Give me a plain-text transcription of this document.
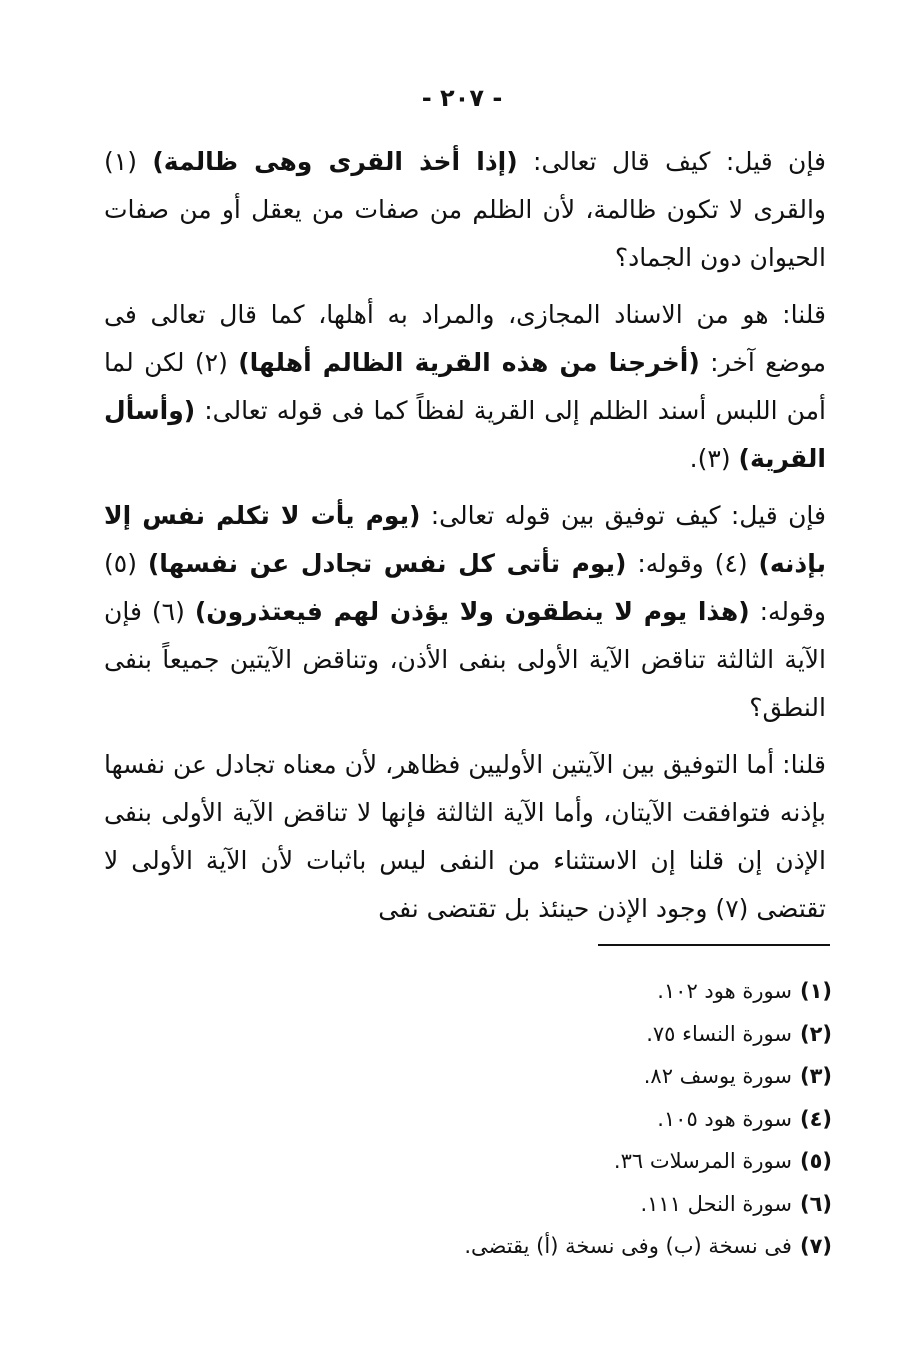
- ٢٠٧ -

فإن قيل: كيف قال تعالى: (إذا أخذ القرى وهى ظالمة) (١) والقرى لا تكون ظالمة، لأن الظلم من صفات من يعقل أو من صفات الحيوان دون الجماد؟

قلنا: هو من الاسناد المجازى، والمراد به أهلها، كما قال تعالى فى موضع آخر: (أخرجنا من هذه القرية الظالم أهلها) (٢) لكن لما أمن اللبس أسند الظلم إلى القرية لفظاً كما فى قوله تعالى: (وأسأل القرية) (٣).

فإن قيل: كيف توفيق بين قوله تعالى: (يوم يأت لا تكلم نفس إلا بإذنه) (٤) وقوله: (يوم تأتى كل نفس تجادل عن نفسها) (٥) وقوله: (هذا يوم لا ينطقون ولا يؤذن لهم فيعتذرون) (٦) فإن الآية الثالثة تناقض الآية الأولى بنفى الأذن، وتناقض الآيتين جميعاً بنفى النطق؟

قلنا: أما التوفيق بين الآيتين الأوليين فظاهر، لأن معناه تجادل عن نفسها بإذنه فتوافقت الآيتان، وأما الآية الثالثة فإنها لا تناقض الآية الأولى بنفى الإذن إن قلنا إن الاستثناء من النفى ليس باثبات لأن الآية الأولى لا تقتضى (٧) وجود الإذن حينئذ بل تقتضى نفى

(١)سورة هود ١٠٢.
(٢)سورة النساء ٧٥.
(٣)سورة يوسف ٨٢.
(٤)سورة هود ١٠٥.
(٥)سورة المرسلات ٣٦.
(٦)سورة النحل ١١١.
(٧)فى نسخة (ب) وفى نسخة (أ) يقتضى.
